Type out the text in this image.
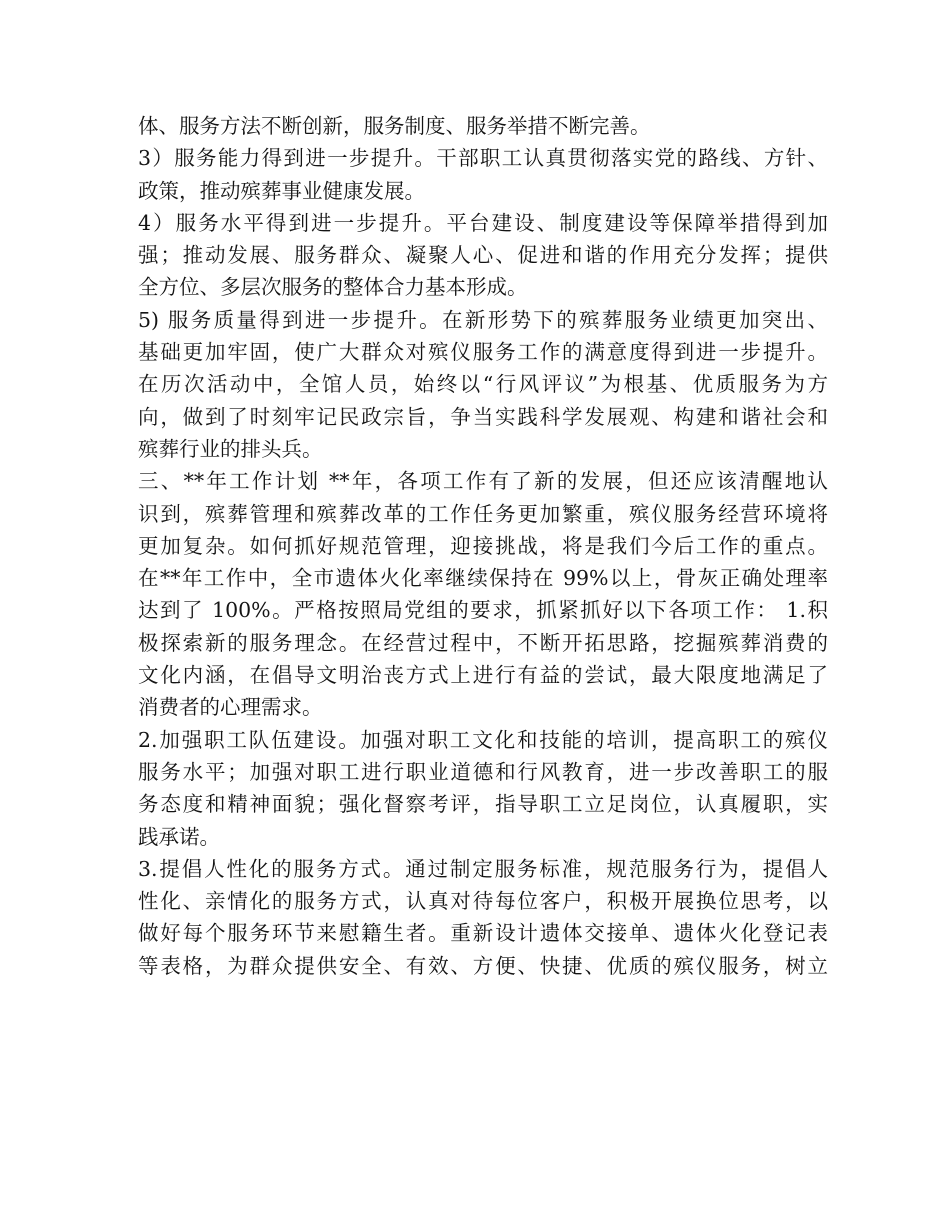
体、服务方法不断创新，服务制度、服务举措不断完善。
3）服务能力得到进一步提升。干部职工认真贯彻落实党的路线、方针、
政策，推动殡葬事业健康发展。
4）服务水平得到进一步提升。平台建设、制度建设等保障举措得到加
强；推动发展、服务群众、凝聚人心、促进和谐的作用充分发挥；提供
全方位、多层次服务的整体合力基本形成。
5) 服务质量得到进一步提升。在新形势下的殡葬服务业绩更加突出、
基础更加牢固，使广大群众对殡仪服务工作的满意度得到进一步提升。
在历次活动中，全馆人员，始终以“行风评议”为根基、优质服务为方
向，做到了时刻牢记民政宗旨，争当实践科学发展观、构建和谐社会和
殡葬行业的排头兵。
三、**年工作计划 **年，各项工作有了新的发展，但还应该清醒地认
识到，殡葬管理和殡葬改革的工作任务更加繁重，殡仪服务经营环境将
更加复杂。如何抓好规范管理，迎接挑战，将是我们今后工作的重点。
在**年工作中，全市遗体火化率继续保持在 99%以上，骨灰正确处理率
达到了 100%。严格按照局党组的要求，抓紧抓好以下各项工作： 1.积
极探索新的服务理念。在经营过程中，不断开拓思路，挖掘殡葬消费的
文化内涵，在倡导文明治丧方式上进行有益的尝试，最大限度地满足了
消费者的心理需求。
2.加强职工队伍建设。加强对职工文化和技能的培训，提高职工的殡仪
服务水平；加强对职工进行职业道德和行风教育，进一步改善职工的服
务态度和精神面貌；强化督察考评，指导职工立足岗位，认真履职，实
践承诺。
3.提倡人性化的服务方式。通过制定服务标准，规范服务行为，提倡人
性化、亲情化的服务方式，认真对待每位客户，积极开展换位思考，以
做好每个服务环节来慰籍生者。重新设计遗体交接单、遗体火化登记表
等表格，为群众提供安全、有效、方便、快捷、优质的殡仪服务，树立
